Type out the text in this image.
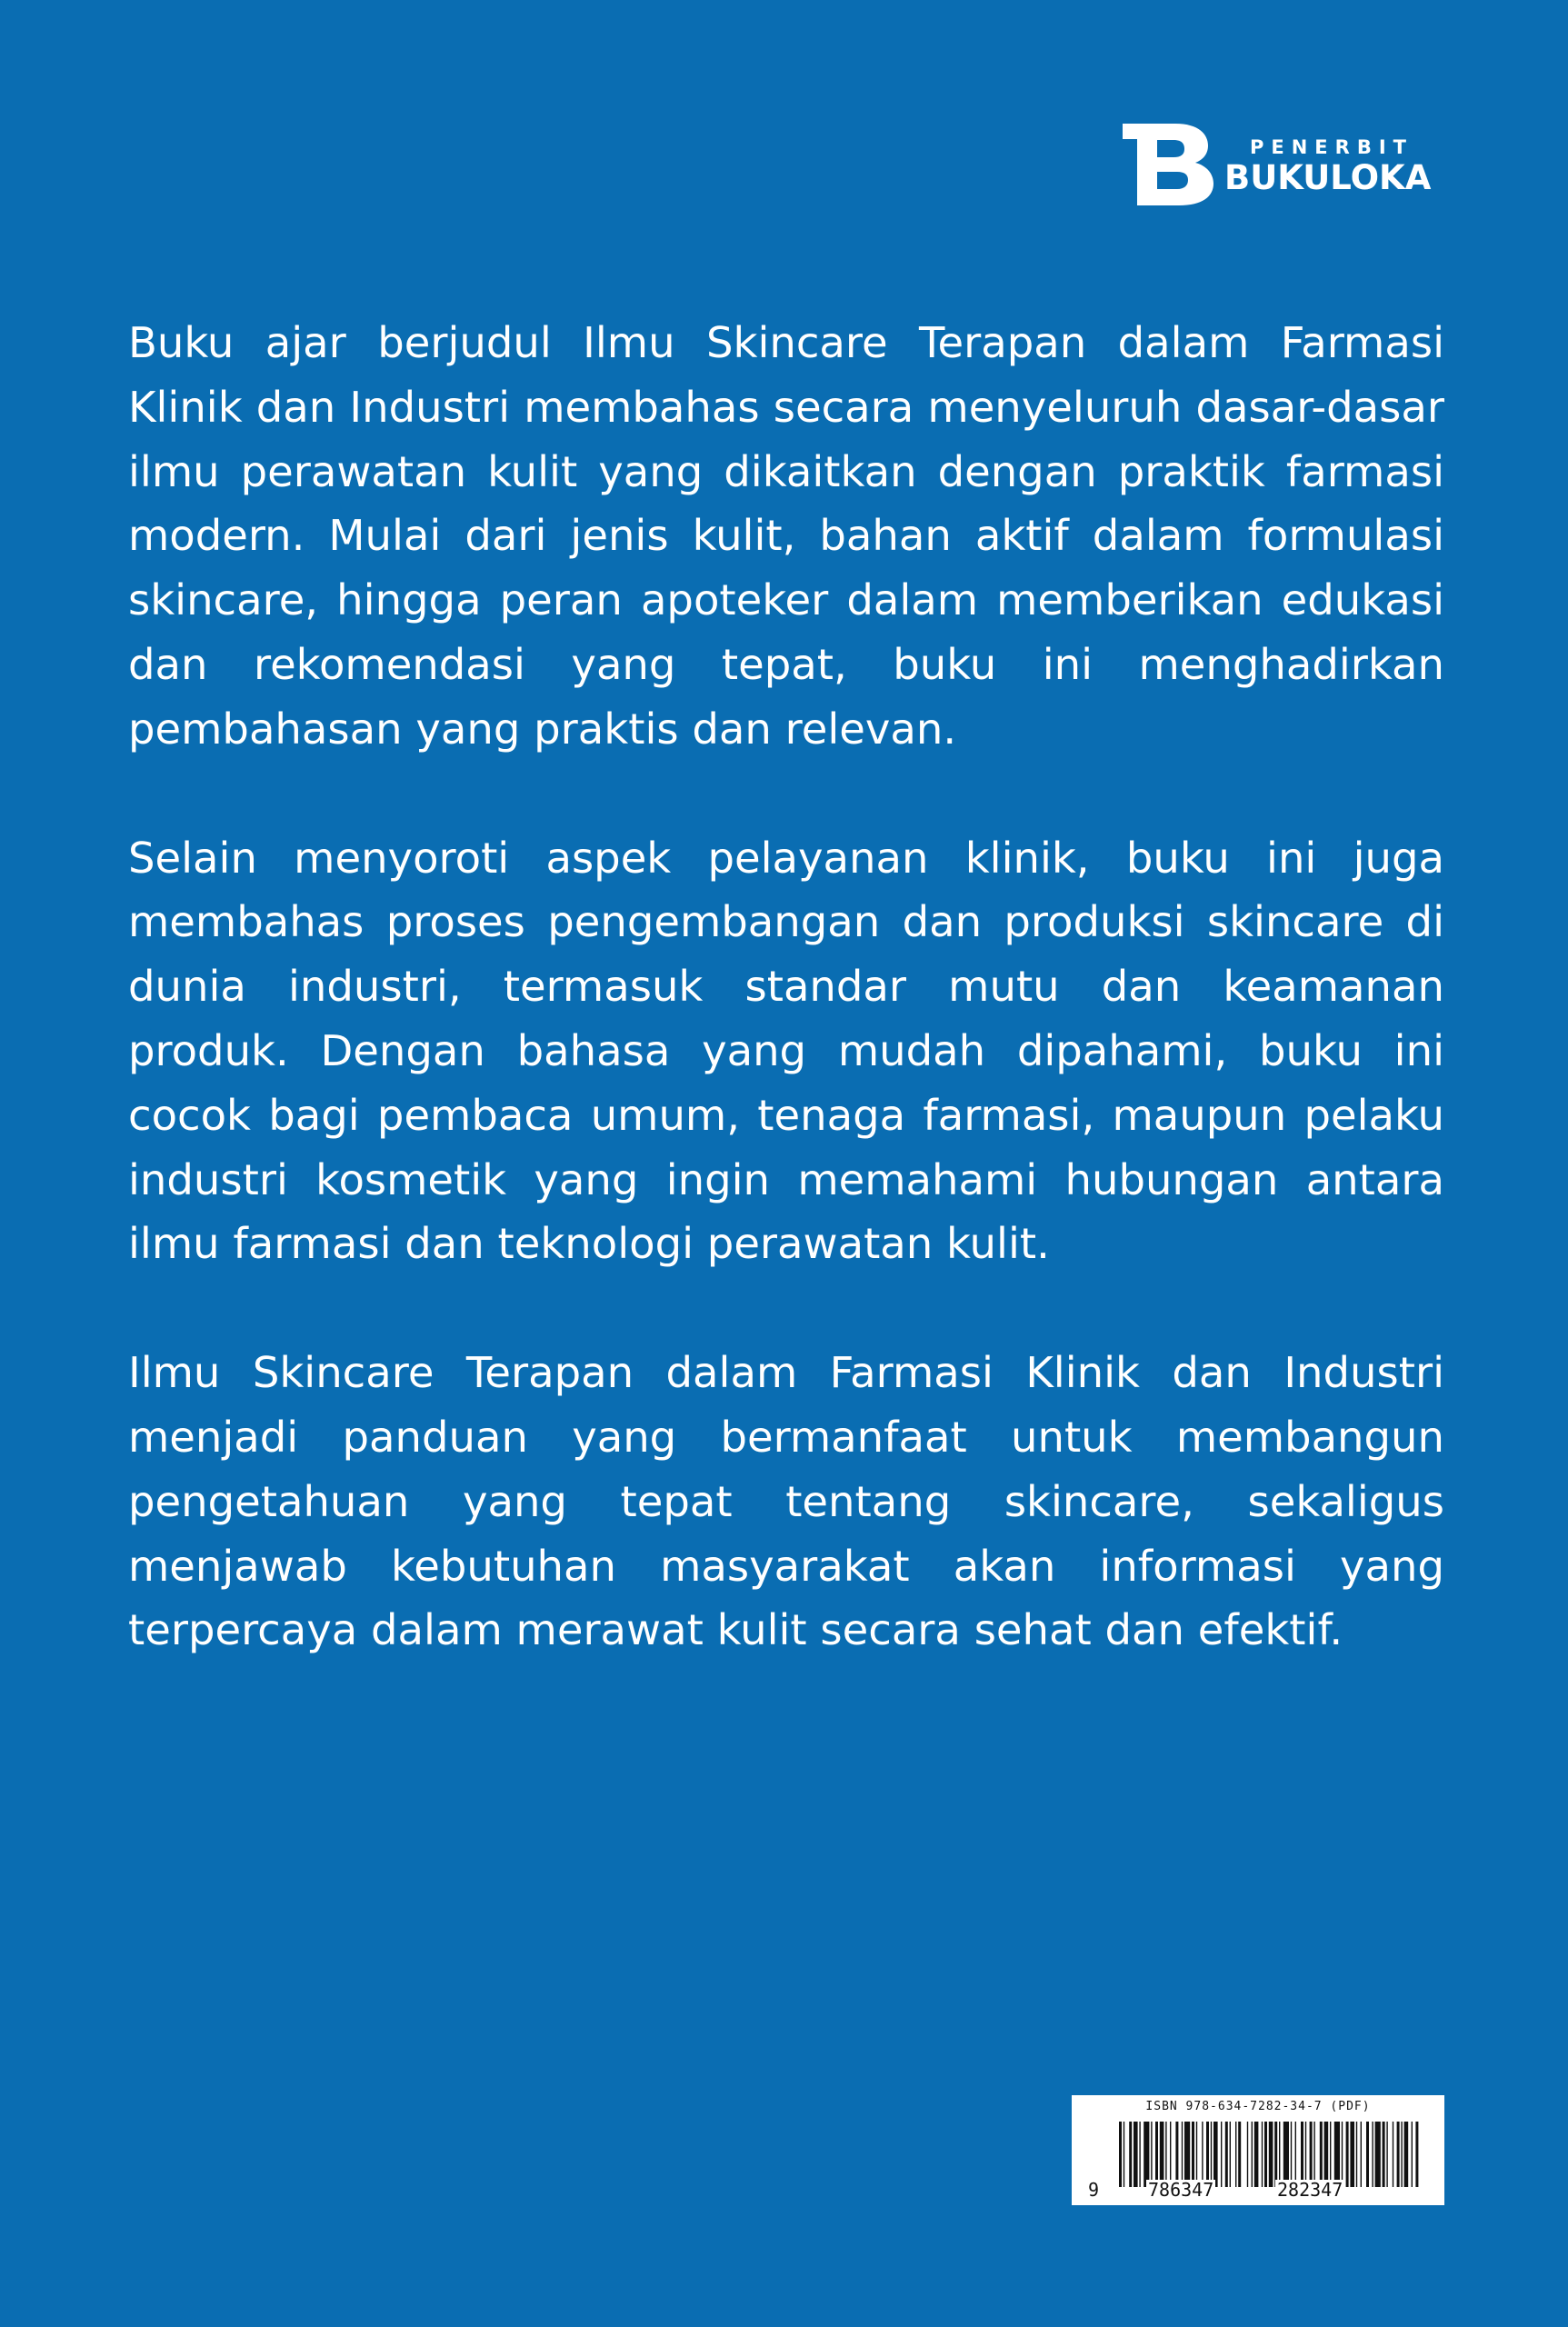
PENERBIT
BUKULOKA

Buku ajar berjudul Ilmu Skincare Terapan dalam Farmasi Klinik dan Industri membahas secara menyeluruh dasar-dasar ilmu perawatan kulit yang dikaitkan dengan praktik farmasi modern. Mulai dari jenis kulit, bahan aktif dalam formulasi skincare, hingga peran apoteker dalam memberikan edukasi dan rekomendasi yang tepat, buku ini menghadirkan pembahasan yang praktis dan relevan.

Selain menyoroti aspek pelayanan klinik, buku ini juga membahas proses pengembangan dan produksi skincare di dunia industri, termasuk standar mutu dan keamanan produk. Dengan bahasa yang mudah dipahami, buku ini cocok bagi pembaca umum, tenaga farmasi, maupun pelaku industri kosmetik yang ingin memahami hubungan antara ilmu farmasi dan teknologi perawatan kulit.

Ilmu Skincare Terapan dalam Farmasi Klinik dan Industri menjadi panduan yang bermanfaat untuk membangun pengetahuan yang tepat tentang skincare, sekaligus menjawab kebutuhan masyarakat akan informasi yang terpercaya dalam merawat kulit secara sehat dan efektif.

ISBN 978-634-7282-34-7 (PDF)
9	786347	282347
